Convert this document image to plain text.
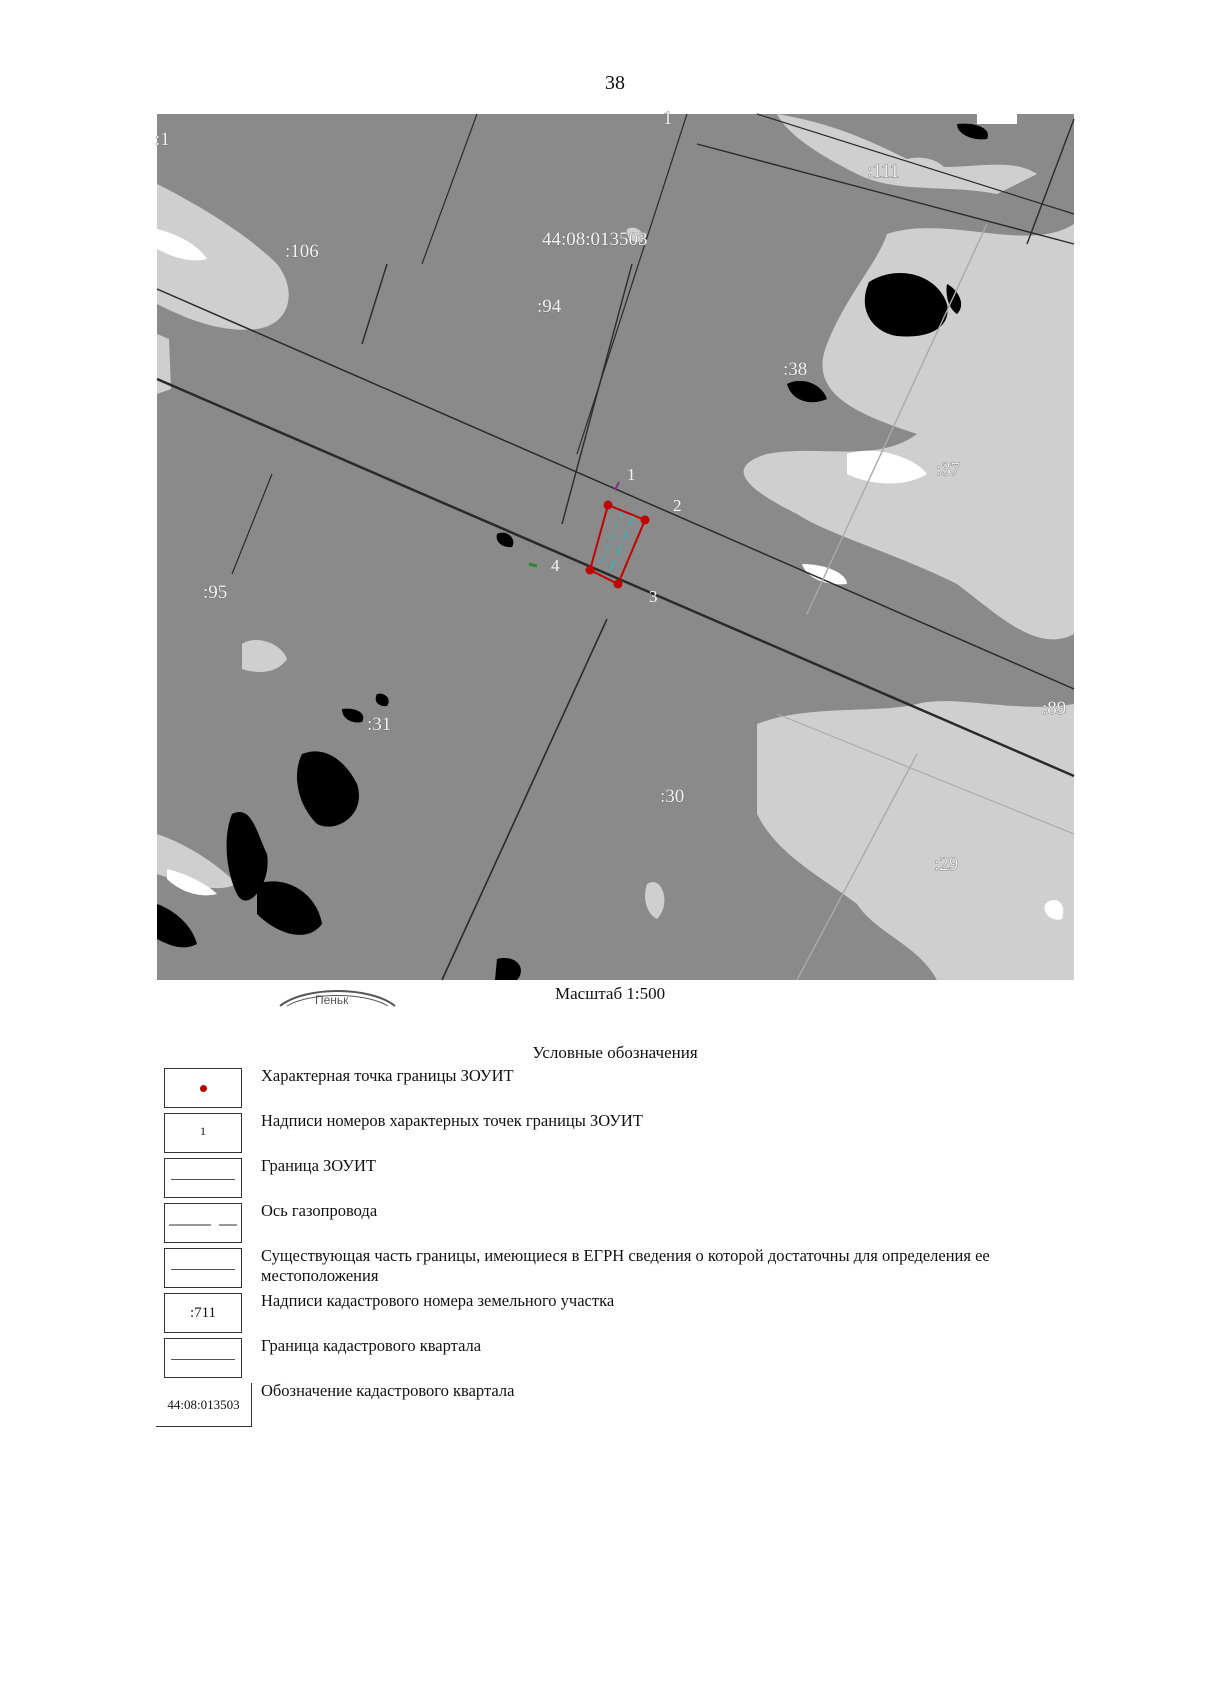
38
1
2
3
4
44:08:013503
:106
:94
:111
:38
:37
:95
:31
:30
:89
:29
1
:1
Пеньк	Масштаб 1:500
Условные обозначения
Характерная точка границы ЗОУИТ
1
Надписи номеров характерных точек границы ЗОУИТ
Граница ЗОУИТ
Ось газопровода
Существующая часть границы, имеющиеся в ЕГРН сведения о которой достаточны для определения ее местоположения
:711
Надписи кадастрового номера земельного участка
Граница кадастрового квартала
44:08:013503
Обозначение кадастрового квартала
